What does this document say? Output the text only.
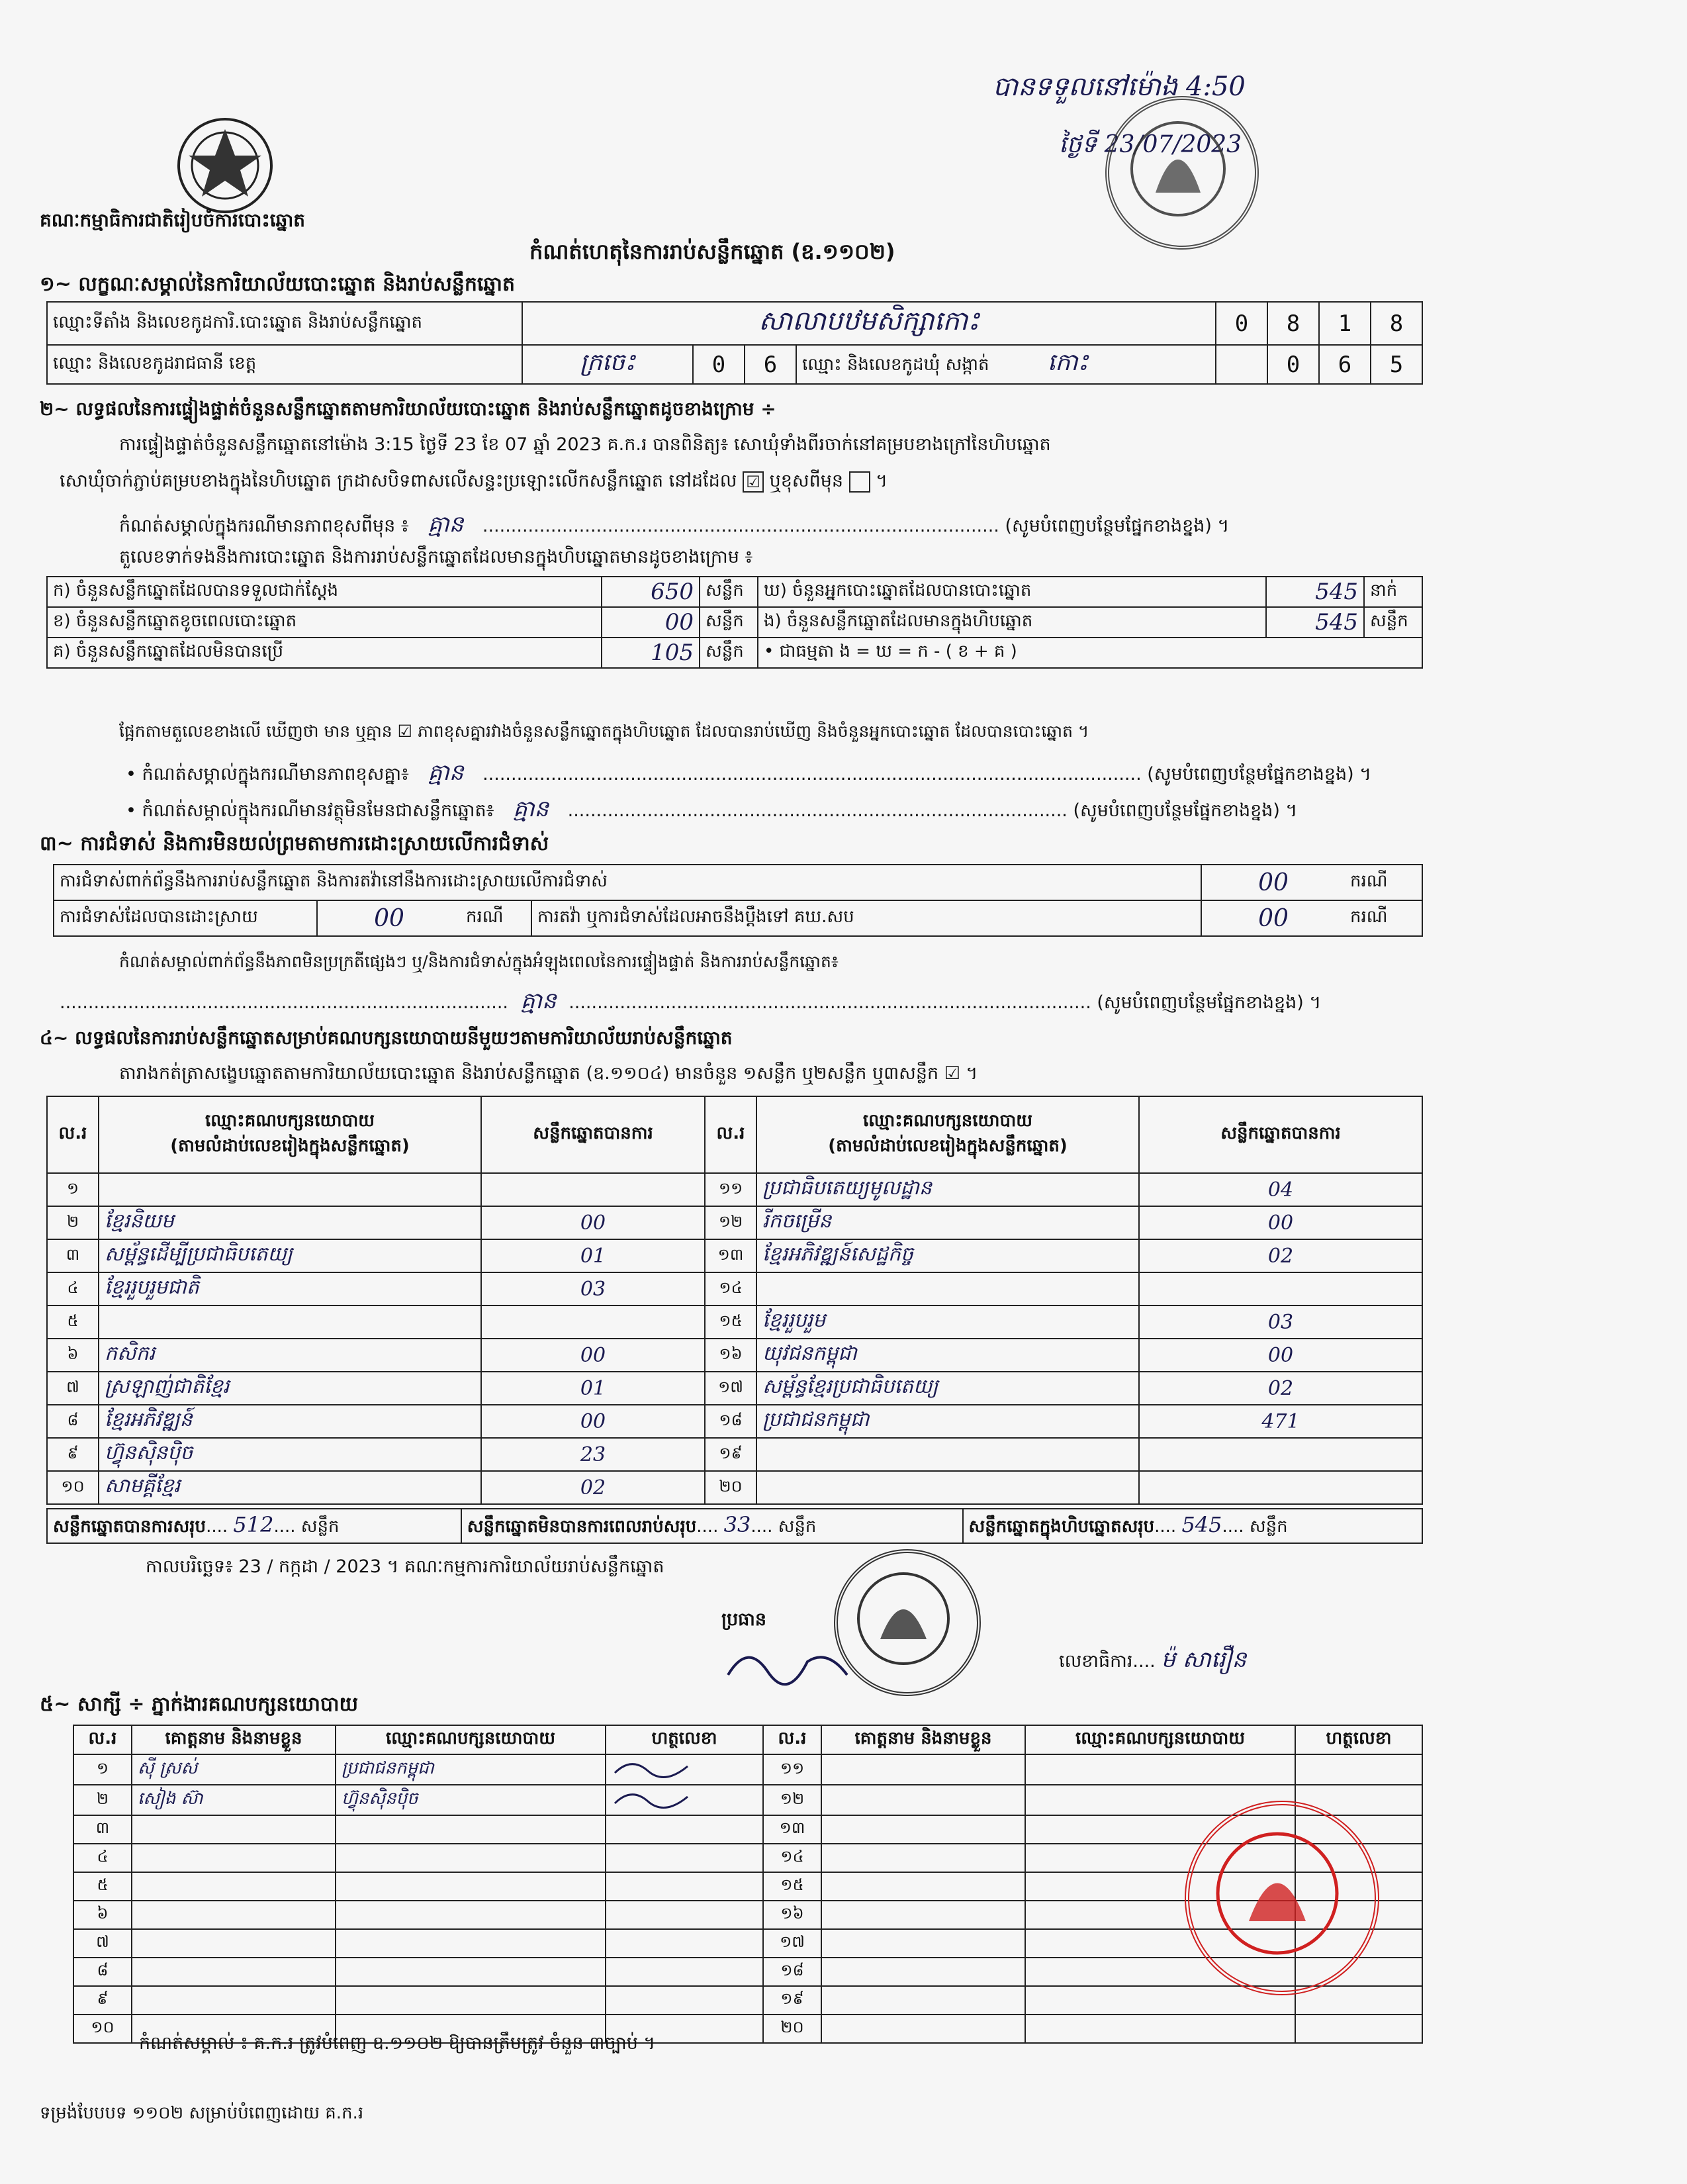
គណៈកម្មាធិការជាតិរៀបចំការបោះឆ្នោត
បានទទួលនៅម៉ោង 4:50
ថ្ងៃទី 23/07/2023
កំណត់ហេតុនៃការរាប់សន្លឹកឆ្នោត (ឧ.១១០២)
១~ លក្ខណៈសម្គាល់នៃការិយាល័យបោះឆ្នោត និងរាប់សន្លឹកឆ្នោត
ឈ្មោះទីតាំង និងលេខកូដការិ.បោះឆ្នោត និងរាប់សន្លឹកឆ្នោត	សាលាបឋមសិក្សាកោះ				0	8	1	8
ឈ្មោះ និងលេខកូដរាជធានី ខេត្ត	ក្រចេះ	0	6	ឈ្មោះ និងលេខកូដឃុំ សង្កាត់ កោះ		0	6	5
២~ លទ្ធផលនៃការផ្ទៀងផ្ទាត់ចំនួនសន្លឹកឆ្នោតតាមការិយាល័យបោះឆ្នោត និងរាប់សន្លឹកឆ្នោតដូចខាងក្រោម ÷
ការផ្ទៀងផ្ទាត់ចំនួនសន្លឹកឆ្នោតនៅម៉ោង 3:15 ថ្ងៃទី 23 ខែ 07 ឆ្នាំ 2023 គ.ក.រ បានពិនិត្យ៖ សោឃុំទាំងពីរចាក់នៅគម្របខាងក្រៅនៃហិបឆ្នោត
សោឃុំចាក់ភ្ជាប់គម្របខាងក្នុងនៃហិបឆ្នោត ក្រដាសបិទពាសលើសន្ទះប្រឡោះលើកសន្លឹកឆ្នោត នៅដដែល ☑ ឬខុសពីមុន ។
កំណត់សម្គាល់ក្នុងករណីមានភាពខុសពីមុន ៖ គ្មាន ........................................................................................... (សូមបំពេញបន្ថែមផ្នែកខាងខ្នង) ។
តួលេខទាក់ទងនឹងការបោះឆ្នោត និងការរាប់សន្លឹកឆ្នោតដែលមានក្នុងហិបឆ្នោតមានដូចខាងក្រោម ៖
ក) ចំនួនសន្លឹកឆ្នោតដែលបានទទួលជាក់ស្តែង	650	សន្លឹក	ឃ) ចំនួនអ្នកបោះឆ្នោតដែលបានបោះឆ្នោត	545	នាក់
ខ) ចំនួនសន្លឹកឆ្នោតខូចពេលបោះឆ្នោត	00	សន្លឹក	ង) ចំនួនសន្លឹកឆ្នោតដែលមានក្នុងហិបឆ្នោត	545	សន្លឹក
គ) ចំនួនសន្លឹកឆ្នោតដែលមិនបានប្រើ	105	សន្លឹក	• ជាធម្មតា ង = ឃ = ក - ( ខ + គ )		
ផ្អែកតាមតួលេខខាងលើ ឃើញថា មាន ឬគ្មាន ☑ ភាពខុសគ្នារវាងចំនួនសន្លឹកឆ្នោតក្នុងហិបឆ្នោត ដែលបានរាប់ឃើញ និងចំនួនអ្នកបោះឆ្នោត ដែលបានបោះឆ្នោត ។
• កំណត់សម្គាល់ក្នុងករណីមានភាពខុសគ្នា៖ គ្មាន .................................................................................................................... (សូមបំពេញបន្ថែមផ្នែកខាងខ្នង) ។
• កំណត់សម្គាល់ក្នុងករណីមានវត្ថុមិនមែនជាសន្លឹកឆ្នោត៖ គ្មាន ........................................................................................ (សូមបំពេញបន្ថែមផ្នែកខាងខ្នង) ។
៣~ ការជំទាស់ និងការមិនយល់ព្រមតាមការដោះស្រាយលើការជំទាស់
ការជំទាស់ពាក់ព័ន្ធនឹងការរាប់សន្លឹកឆ្នោត និងការតវ៉ានៅនឹងការដោះស្រាយលើការជំទាស់				00	ករណី
ការជំទាស់ដែលបានដោះស្រាយ	00	ករណី	ការតវ៉ា ឬការជំទាស់ដែលអាចនឹងប្តឹងទៅ គឃ.សប	00	ករណី
កំណត់សម្គាល់ពាក់ព័ន្ធនឹងភាពមិនប្រក្រតីផ្សេងៗ ឬ/និងការជំទាស់ក្នុងអំឡុងពេលនៃការផ្ទៀងផ្ទាត់ និងការរាប់សន្លឹកឆ្នោត៖
............................................................................... គ្មាន ............................................................................................ (សូមបំពេញបន្ថែមផ្នែកខាងខ្នង) ។
៤~ លទ្ធផលនៃការរាប់សន្លឹកឆ្នោតសម្រាប់គណបក្សនយោបាយនីមួយៗតាមការិយាល័យរាប់សន្លឹកឆ្នោត
តារាងកត់ត្រាសង្ខេបឆ្នោតតាមការិយាល័យបោះឆ្នោត និងរាប់សន្លឹកឆ្នោត (ឧ.១១០៤) មានចំនួន ១សន្លឹក ឬ២សន្លឹក ឬ៣សន្លឹក ☑ ។
ល.រ	ឈ្មោះគណបក្សនយោបាយ
(តាមលំដាប់លេខរៀងក្នុងសន្លឹកឆ្នោត)	សន្លឹកឆ្នោតបានការ	ល.រ	ឈ្មោះគណបក្សនយោបាយ
(តាមលំដាប់លេខរៀងក្នុងសន្លឹកឆ្នោត)	សន្លឹកឆ្នោតបានការ
១			១១	ប្រជាធិបតេយ្យមូលដ្ឋាន	04
២	ខ្មែរនិយម	00	១២	រីកចម្រើន	00
៣	សម្ព័ន្ធដើម្បីប្រជាធិបតេយ្យ	01	១៣	ខ្មែរអភិវឌ្ឍន៍សេដ្ឋកិច្ច	02
៤	ខ្មែររួបរួមជាតិ	03	១៤		
៥			១៥	ខ្មែររួបរួម	03
៦	កសិករ	00	១៦	យុវជនកម្ពុជា	00
៧	ស្រឡាញ់ជាតិខ្មែរ	01	១៧	សម្ព័ន្ធខ្មែរប្រជាធិបតេយ្យ	02
៨	ខ្មែរអភិវឌ្ឍន៍	00	១៨	ប្រជាជនកម្ពុជា	471
៩	ហ៊្វុនស៊ិនប៉ិច	23	១៩		
១០	សាមគ្គីខ្មែរ	02	២០		
សន្លឹកឆ្នោតបានការសរុប.... 512.... សន្លឹក	សន្លឹកឆ្នោតមិនបានការពេលរាប់សរុប.... 33.... សន្លឹក	សន្លឹកឆ្នោតក្នុងហិបឆ្នោតសរុប.... 545.... សន្លឹក
កាលបរិច្ឆេទ៖ 23 / កក្កដា / 2023 ។ គណៈកម្មការការិយាល័យរាប់សន្លឹកឆ្នោត
ប្រធាន
លេខាធិការ.... ម៉ សារឿន
៥~ សាក្សី ÷ ភ្នាក់ងារគណបក្សនយោបាយ
ល.រ	គោត្តនាម និងនាមខ្លួន	ឈ្មោះគណបក្សនយោបាយ	ហត្ថលេខា	ល.រ	គោត្តនាម និងនាមខ្លួន	ឈ្មោះគណបក្សនយោបាយ	ហត្ថលេខា
១	ស៊ី ស្រស់	ប្រជាជនកម្ពុជា		១១			
២	សៀង ស៊ា	ហ៊្វុនស៊ិនប៉ិច		១២			
៣				១៣			
៤				១៤			
៥				១៥			
៦				១៦			
៧				១៧			
៨				១៨			
៩				១៩			
១០				២០			
កំណត់សម្គាល់ ៖ គ.ក.រ ត្រូវបំពេញ ឧ.១១០២ ឱ្យបានត្រឹមត្រូវ ចំនួន ៣ច្បាប់ ។
ទម្រង់បែបបទ ១១០២ សម្រាប់បំពេញដោយ គ.ក.រ
